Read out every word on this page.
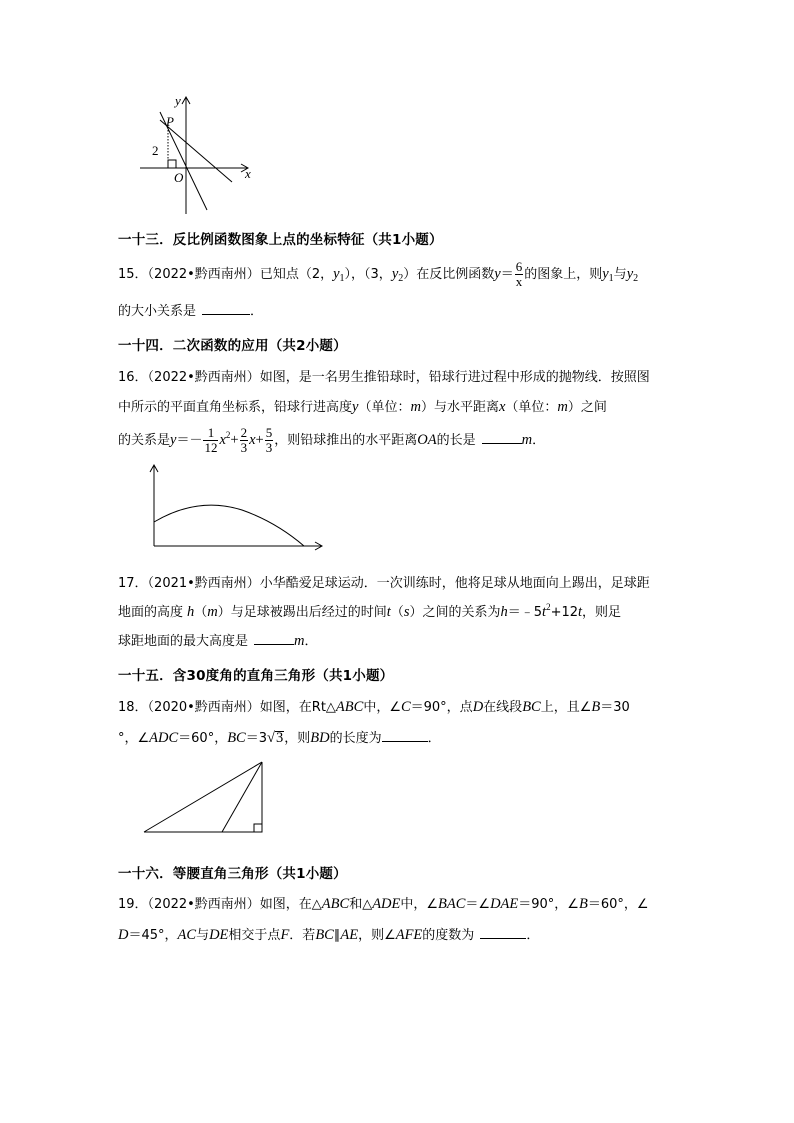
y
P
2
O	x
一十三．反比例函数图象上点的坐标特征（共1小题）
15．（2022•黔西南州）已知点（2，$y_1$），（3，$y_2$）在反比例函数$y= \frac{6}{x}$ 的图象上，则$y_1$与$y_2$
的大小关系是	．
一十四．二次函数的应用（共2小题）
16．（2022•黔西南州）如图，是一名男生推铅球时，铅球行进过程中形成的抛物线．按照图
中所示的平面直角坐标系，铅球行进高度y（单位：m）与水平距离x（单位：m）之间
的关系是$y=- \frac{1}{12} x^2+ \frac{2}{3} x+ \frac{5}{3}$ ，则铅球推出的水平距离OA的长是	m．
17．（2021•黔西南州）小华酷爱足球运动．一次训练时，他将足球从地面向上踢出，足球距
地面的高度 h（m）与足球被踢出后经过的时间t（s）之间的关系为$h=﹣5t^2+12t$，则足
球距地面的最大高度是	m．
一十五．含30度角的直角三角形（共1小题）
18．（2020•黔西南州）如图，在Rt△ABC中，∠C＝90°，点D在线段BC上，且∠B＝30
°，∠ADC＝60°，BC＝3√3，则BD的长度为	．
一十六．等腰直角三角形（共1小题）
19．（2022•黔西南州）如图，在△ABC和△ADE中，∠BAC＝∠DAE＝90°，∠B＝60°，∠
D＝45°，AC与DE相交于点F．若BC∥AE，则∠AFE的度数为	．
